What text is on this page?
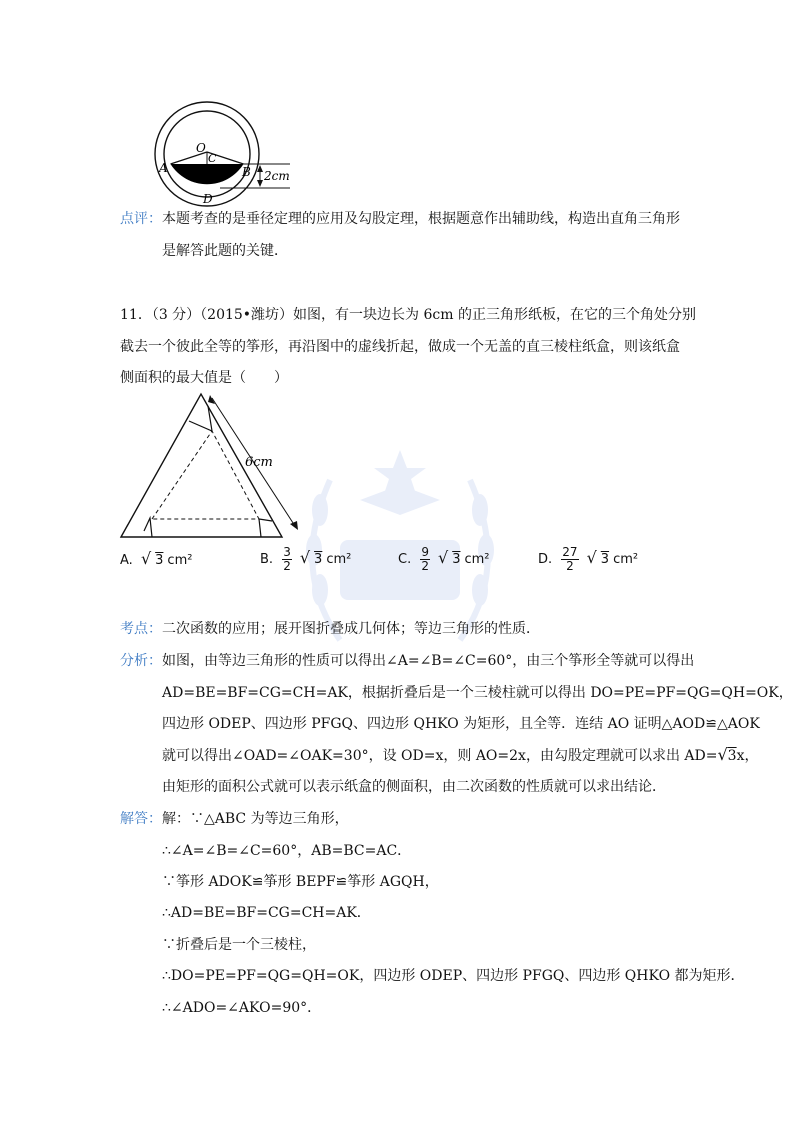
O
C
A	B
D
2cm
点评：本题考查的是垂径定理的应用及勾股定理，根据题意作出辅助线，构造出直角三角形
是解答此题的关键．
11．（3 分）（2015•潍坊）如图，有一块边长为 6cm 的正三角形纸板，在它的三个角处分别
截去一个彼此全等的筝形，再沿图中的虚线折起，做成一个无盖的直三棱柱纸盒，则该纸盒
侧面积的最大值是（　　）
6cm
A. √ 3 cm²	B. $\frac{3}{2}$ √ 3 cm²	C. $\frac{9}{2}$ √ 3 cm²	D. $\frac{27}{2}$ √ 3 cm²
考点：二次函数的应用；展开图折叠成几何体；等边三角形的性质．
分析：如图，由等边三角形的性质可以得出∠A=∠B=∠C=60°，由三个筝形全等就可以得出
AD=BE=BF=CG=CH=AK，根据折叠后是一个三棱柱就可以得出 DO=PE=PF=QG=QH=OK，
四边形 ODEP、四边形 PFGQ、四边形 QHKO 为矩形，且全等．连结 AO 证明△AOD≌△AOK
就可以得出∠OAD=∠OAK=30°，设 OD=x，则 AO=2x，由勾股定理就可以求出 AD=√3x，
由矩形的面积公式就可以表示纸盒的侧面积，由二次函数的性质就可以求出结论．
解答：解：∵△ABC 为等边三角形，
∴∠A=∠B=∠C=60°，AB=BC=AC．
∵筝形 ADOK≌筝形 BEPF≌筝形 AGQH，
∴AD=BE=BF=CG=CH=AK．
∵折叠后是一个三棱柱，
∴DO=PE=PF=QG=QH=OK，四边形 ODEP、四边形 PFGQ、四边形 QHKO 都为矩形．
∴∠ADO=∠AKO=90°．
